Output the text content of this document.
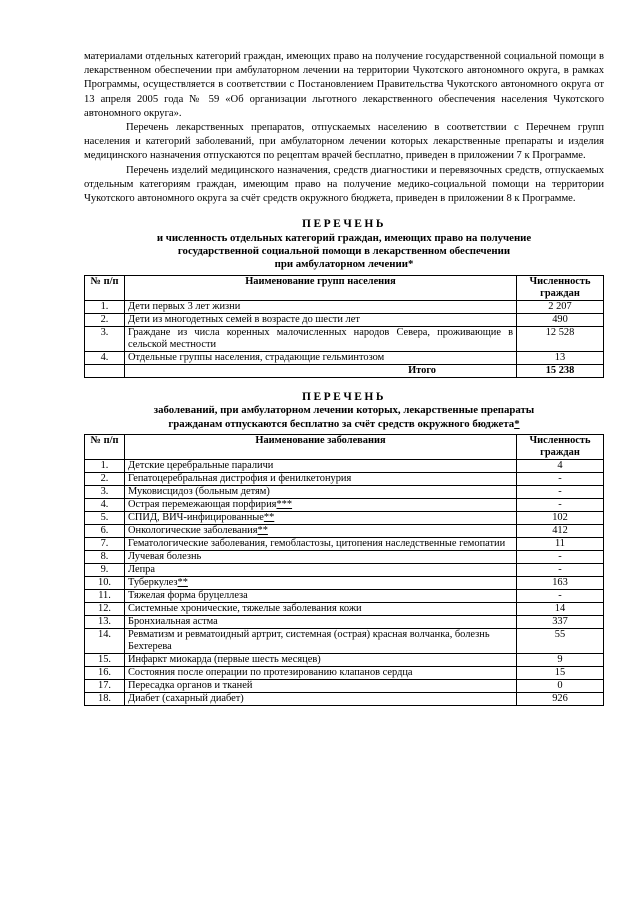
материалами отдельных категорий граждан, имеющих право на получение государственной социальной помощи в лекарственном обеспечении при амбулаторном лечении на территории Чукотского автономного округа, в рамках Программы, осуществляется в соответствии с Постановлением Правительства Чукотского автономного округа от 13 апреля 2005 года № 59 «Об организации льготного лекарственного обеспечения населения Чукотского автономного округа».

Перечень лекарственных препаратов, отпускаемых населению в соответствии с Перечнем групп населения и категорий заболеваний, при амбулаторном лечении которых лекарственные препараты и изделия медицинского назначения отпускаются по рецептам врачей бесплатно, приведен в приложении 7 к Программе.

Перечень изделий медицинского назначения, средств диагностики и перевязочных средств, отпускаемых отдельным категориям граждан, имеющим право на получение медико-социальной помощи на территории Чукотского автономного округа за счёт средств окружного бюджета, приведен в приложении 8 к Программе.

ПЕРЕЧЕНЬ
и численность отдельных категорий граждан, имеющих право на получение
государственной социальной помощи в лекарственном обеспечении
при амбулаторном лечении*

№ п/п	Наименование групп населения	Численность граждан
1.	Дети первых 3 лет жизни	2 207
2.	Дети из многодетных семей в возрасте до шести лет	490
3.	Граждане из числа коренных малочисленных народов Севера, проживающие в сельской местности	12 528
4.	Отдельные группы населения, страдающие гельминтозом	13
	Итого	15 238

ПЕРЕЧЕНЬ
заболеваний, при амбулаторном лечении которых, лекарственные препараты
гражданам отпускаются бесплатно за счёт средств окружного бюджета*

№ п/п	Наименование заболевания	Численность граждан
1.	Детские церебральные параличи	4
2.	Гепатоцеребральная дистрофия и фенилкетонурия	-
3.	Муковисцидоз (больным детям)	-
4.	Острая перемежающая порфирия***	-
5.	СПИД, ВИЧ-инфицированные**	102
6.	Онкологические заболевания**	412
7.	Гематологические заболевания, гемобластозы, цитопения наследственные гемопатии	11
8.	Лучевая болезнь	-
9.	Лепра	-
10.	Туберкулез**	163
11.	Тяжелая форма бруцеллеза	-
12.	Системные хронические, тяжелые заболевания кожи	14
13.	Бронхиальная астма	337
14.	Ревматизм и ревматоидный артрит, системная (острая) красная волчанка, болезнь Бехтерева	55
15.	Инфаркт миокарда (первые шесть месяцев)	9
16.	Состояния после операции по протезированию клапанов сердца	15
17.	Пересадка органов и тканей	0
18.	Диабет (сахарный диабет)	926
